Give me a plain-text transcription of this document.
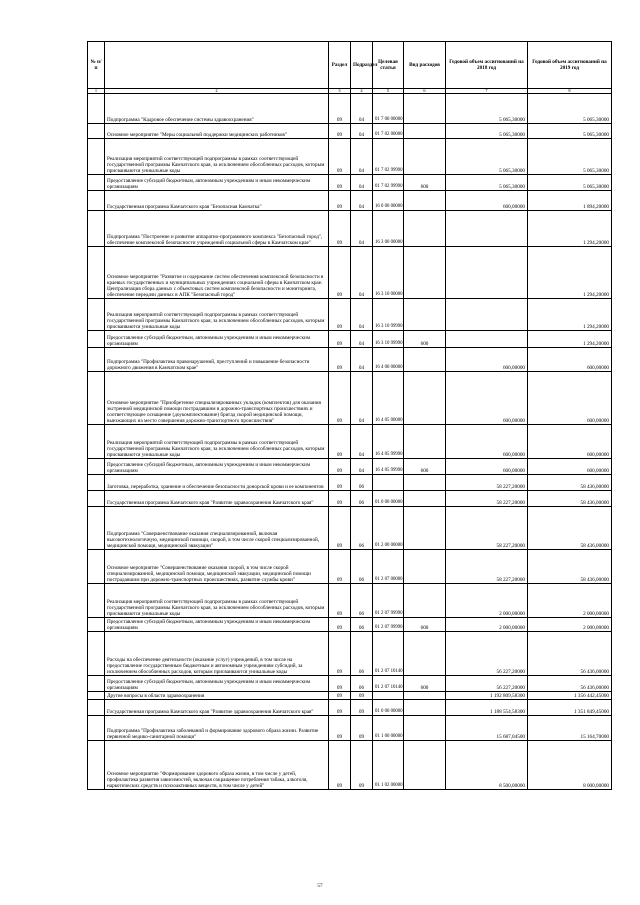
№ п/п		Раздел	Подраздел	Целевая статья	Вид расходов	Годовой объем ассигнований на 2018 год	Годовой объем ассигнований на 2019 год
1	2	3	4	5	6	7	8
	Подпрограмма "Кадровое обеспечение системы здравоохранения"	09	04	01 7 00 00000		5 065,30000	5 065,30000
	Основное мероприятие "Меры социальной поддержки медицинских работников"	09	04	01 7 02 00000		5 065,30000	5 065,30000
	Реализация мероприятий соответствующей подпрограммы в рамках соответствующей государственной программы Камчатского края, за исключением обособленных расходов, которым присваиваются уникальные коды	09	04	01 7 02 99990		5 065,30000	5 065,30000
	Предоставление субсидий бюджетным, автономным учреждениям и иным некоммерческим организациям	09	04	01 7 02 99990	600	5 065,30000	5 065,30000
	Государственная программа Камчатского края "Безопасная Камчатка"	09	04	16 0 00 00000		600,00000	1 894,20000
	Подпрограмма "Построение и развитие аппаратно-программного комплекса "Безопасный город", обеспечение комплексной безопасности учреждений социальной сферы в Камчатском крае"	09	04	16 3 00 00000			1 294,20000
	Основное мероприятие "Развитие и содержание систем обеспечения комплексной безопасности в краевых государственных и муниципальных учреждениях социальной сферы в Камчатском крае. Централизация сбора данных с объектовых систем комплексной безопасности и мониторинга, обеспечение передачи данных в АПК "Безопасный город"	09	04	16 3 10 00000			1 294,20000
	Реализация мероприятий соответствующей подпрограммы в рамках соответствующей государственной программы Камчатского края, за исключением обособленных расходов, которым присваиваются уникальные коды	09	04	16 3 10 99990			1 294,20000
	Предоставление субсидий бюджетным, автономным учреждениям и иным некоммерческим организациям	09	04	16 3 10 99990	600		1 294,20000
	Подпрограмма "Профилактика правонарушений, преступлений и повышение безопасности дорожного движения в Камчатском крае"	09	04	16 4 00 00000		600,00000	600,00000
	Основное мероприятие "Приобретение специализированных укладок (комплектов) для оказания экстренной медицинской помощи пострадавшим в дорожно-транспортных происшествиях и соответствующее оснащение (доукомплектование) бригад скорой медицинской помощи, выезжающих на место совершения дорожно-транспортного происшествия"	09	04	16 4 05 00000		600,00000	600,00000
	Реализация мероприятий соответствующей подпрограммы в рамках соответствующей государственной программы Камчатского края, за исключением обособленных расходов, которым присваиваются уникальные коды	09	04	16 4 05 99990		600,00000	600,00000
	Предоставление субсидий бюджетным, автономным учреждениям и иным некоммерческим организациям	09	04	16 4 05 99990	600	600,00000	600,00000
	Заготовка, переработка, хранение и обеспечение безопасности донорской крови и ее компонентов	09	06			58 227,20000	58 436,00000
	Государственная программа Камчатского края "Развитие здравоохранения Камчатского края"	09	06	01 0 00 00000		58 227,20000	58 436,00000
	Подпрограмма "Совершенствование оказания специализированной, включая высокотехнологичную, медицинской помощи, скорой, в том числе скорой специализированной, медицинской помощи, медицинской эвакуации"	09	06	01 2 00 00000		58 227,20000	58 436,00000
	Основное мероприятие "Совершенствование оказания скорой, в том числе скорой специализированной, медицинской помощи, медицинской эвакуации, медицинской помощи пострадавшим при дорожно-транспортных происшествиях, развитие службы крови"	09	06	01 2 07 00000		58 227,20000	58 436,00000
	Реализация мероприятий соответствующей подпрограммы в рамках соответствующей государственной программы Камчатского края, за исключением обособленных расходов, которым присваиваются уникальные коды	09	06	01 2 07 99990		2 000,00000	2 000,00000
	Предоставление субсидий бюджетным, автономным учреждениям и иным некоммерческим организациям	09	06	01 2 07 99990	600	2 000,00000	2 000,00000
	Расходы на обеспечение деятельности (оказание услуг) учреждений, в том числе на предоставление государственным бюджетным и автономным учреждениям субсидий, за исключением обособленных расходов, которым присваиваются уникальные коды	09	06	01 2 07 10140		56 227,20000	56 436,00000
	Предоставление субсидий бюджетным, автономным учреждениям и иным некоммерческим организациям	09	06	01 2 07 10140	600	56 227,20000	56 436,00000
	Другие вопросы в области здравоохранения	09	09			1 192 809,58300	1 356 442,45000
	Государственная программа Камчатского края "Развитие здравоохранения Камчатского края"	09	09	01 0 00 00000		1 188 554,58300	1 351 849,45000
	Подпрограмма "Профилактика заболеваний и формирование здорового образа жизни. Развитие первичной медико-санитарной помощи"	09	09	01 1 00 00000		15 687,04500	15 164,70000
	Основное мероприятие "Формирование здорового образа жизни, в том числе у детей, профилактика развития зависимостей, включая сокращение потребления табака, алкоголя, наркотических средств и психоактивных веществ, в том числе у детей"	09	09	01 1 02 00000		8 500,00000	8 000,00000
57
